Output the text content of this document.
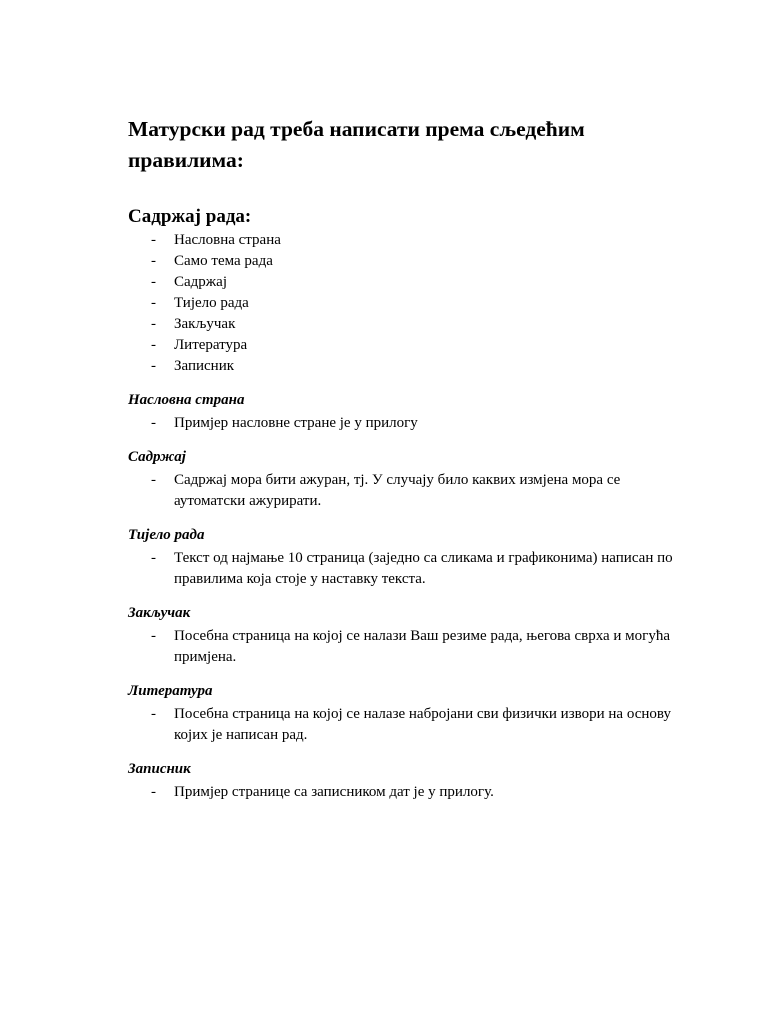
Матурски рад треба написати према сљедећим правилима:
Садржај рада:
- Насловна страна
- Само тема рада
- Садржај
- Тијело рада
- Закључак
- Литература
- Записник
Насловна страна
- Примјер насловне стране је у прилогу
Садржај
- Садржај мора бити ажуран, тј. У случају било каквих измјена мора се аутоматски ажурирати.
Тијело рада
- Текст од најмање 10 страница (заједно са сликама и графиконима) написан по правилима која стоје у наставку текста.
Закључак
- Посебна страница на којој се налази Ваш резиме рада, његова сврха и могућа примјена.
Литература
- Посебна страница на којој се налазе набројани сви физички извори на основу којих је написан рад.
Записник
- Примјер странице са записником дат је у прилогу.
